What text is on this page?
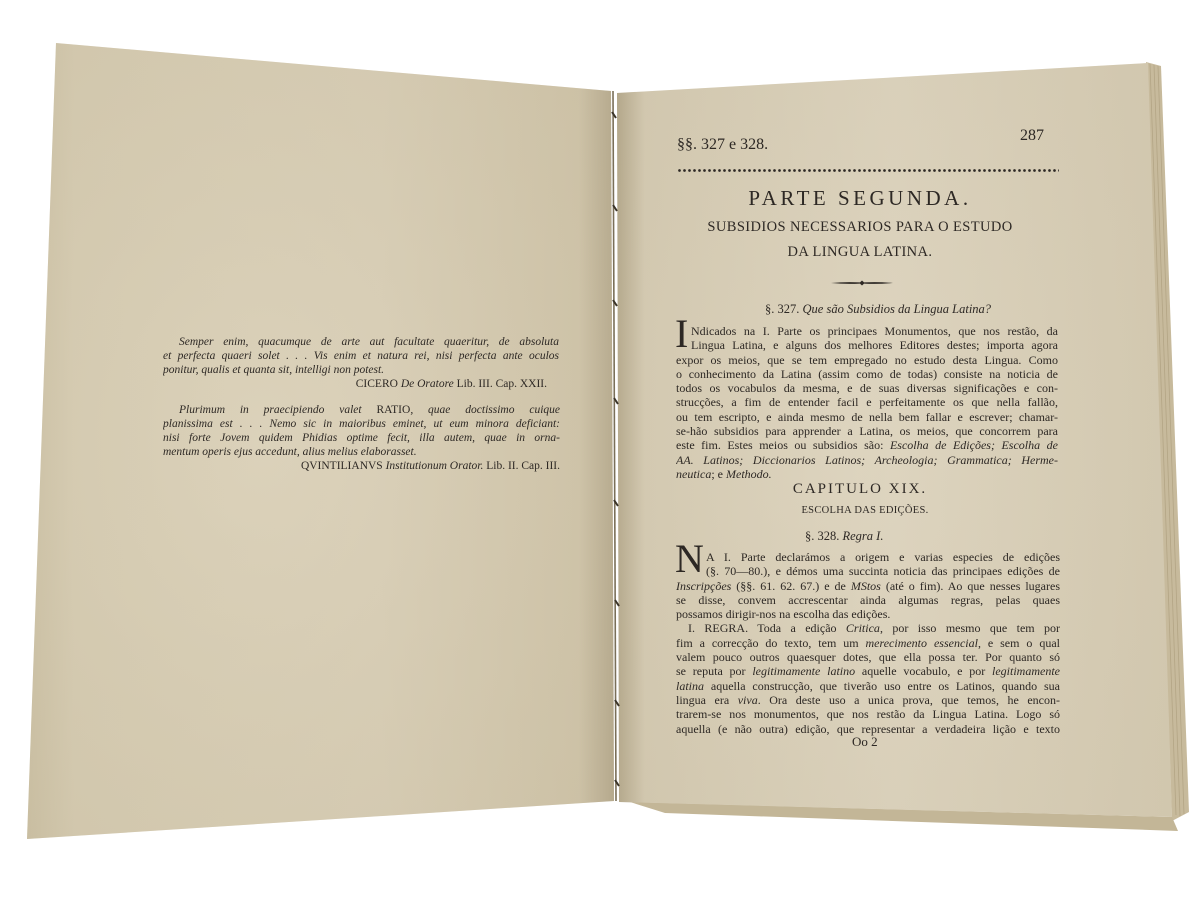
Semper enim, quacumque de arte aut facultate quaeritur, de absoluta
et perfecta quaeri solet . . . Vis enim et natura rei, nisi perfecta ante oculos
ponitur, qualis et quanta sit, intelligi non potest.
CICERO De Oratore Lib. III. Cap. XXII.
Plurimum in praecipiendo valet RATIO, quae doctissimo cuique
planissima est . . . Nemo sic in maioribus eminet, ut eum minora deficiant:
nisi forte Jovem quidem Phidias optime fecit, illa autem, quae in orna-
mentum operis ejus accedunt, alius melius elaborasset.
QVINTILIANVS Institutionum Orator. Lib. II. Cap. III.
§§. 327 e 328.
287
PARTE SEGUNDA.
SUBSIDIOS NECESSARIOS PARA O ESTUDO
DA LINGUA LATINA.
§. 327. Que são Subsidios da Lingua Latina?
I Ndicados na I. Parte os principaes Monumentos, que nos restão, da
Lingua Latina, e alguns dos melhores Editores destes; importa agora
expor os meios, que se tem empregado no estudo desta Lingua. Como
o conhecimento da Latina (assim como de todas) consiste na noticia de
todos os vocabulos da mesma, e de suas diversas significações e con-
strucções, a fim de entender facil e perfeitamente os que nella fallão,
ou tem escripto, e ainda mesmo de nella bem fallar e escrever; chamar-
se-hão subsidios para apprender a Latina, os meios, que concorrem para
este fim. Estes meios ou subsidios são: Escolha de Edições; Escolha de
AA. Latinos; Diccionarios Latinos; Archeologia; Grammatica; Herme-
neutica; e Methodo.
CAPITULO XIX.
ESCOLHA DAS EDIÇÕES.
§. 328. Regra I.
N A I. Parte declarámos a origem e varias especies de edições
(§. 70—80.), e démos uma succinta noticia das principaes edições de
Inscripções (§§. 61. 62. 67.) e de MStos (até o fim). Ao que nesses lugares
se disse, convem accrescentar ainda algumas regras, pelas quaes
possamos dirigir-nos na escolha das edições.
I. REGRA. Toda a edição Critica, por isso mesmo que tem por
fim a correcção do texto, tem um merecimento essencial, e sem o qual
valem pouco outros quaesquer dotes, que ella possa ter. Por quanto só
se reputa por legitimamente latino aquelle vocabulo, e por legitimamente
latina aquella construcção, que tiverão uso entre os Latinos, quando sua
lingua era viva. Ora deste uso a unica prova, que temos, he encon-
trarem-se nos monumentos, que nos restão da Lingua Latina. Logo só
aquella (e não outra) edição, que representar a verdadeira lição e texto
Oo 2
